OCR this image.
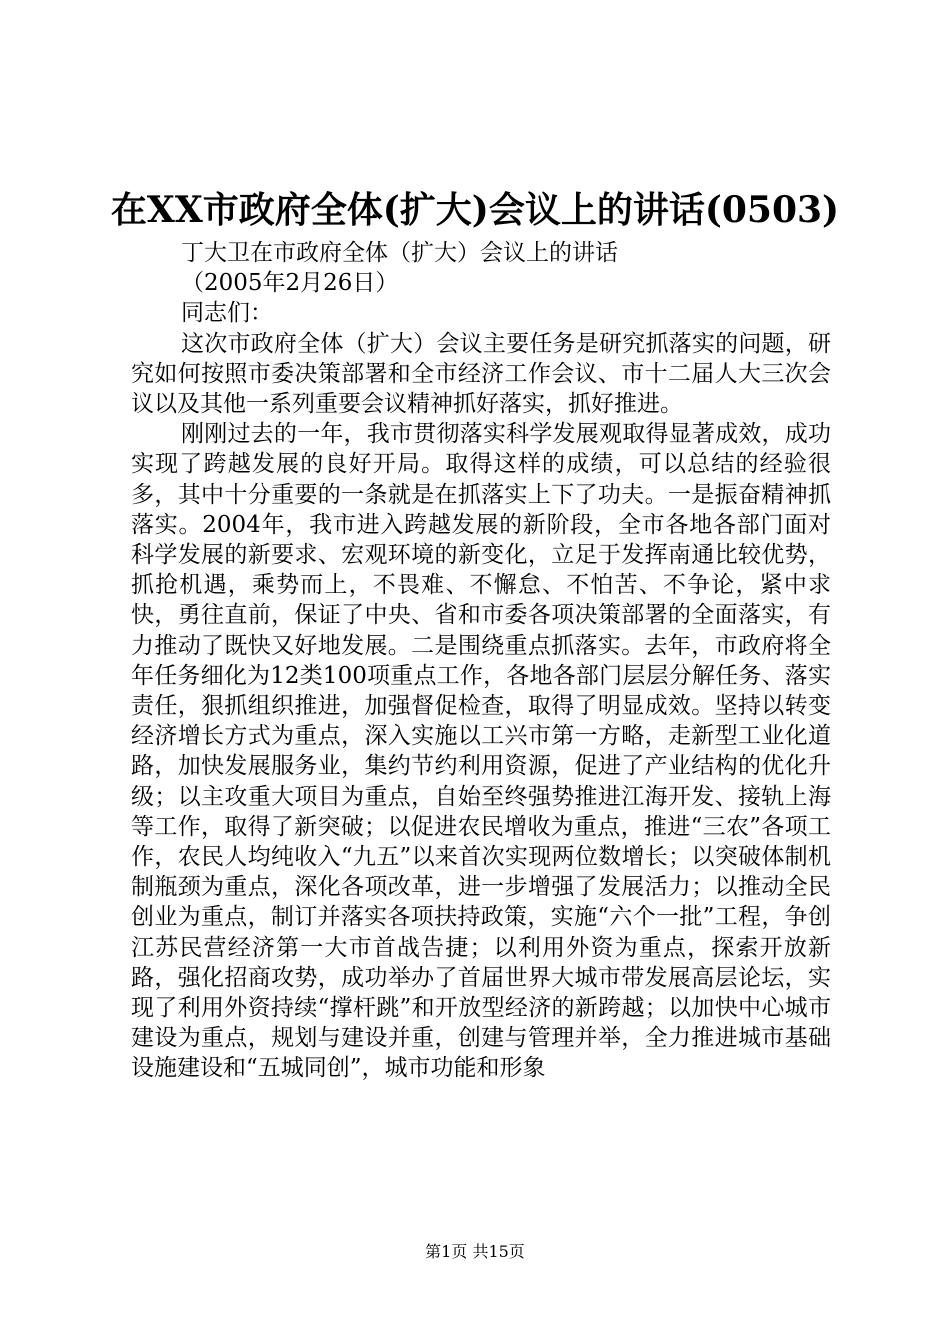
在XX市政府全体(扩大)会议上的讲话(0503)
丁大卫在市政府全体（扩大）会议上的讲话
（2005年2月26日）
同志们：
这次市政府全体（扩大）会议主要任务是研究抓落实的问题，研究如何按照市委决策部署和全市经济工作会议、市十二届人大三次会议以及其他一系列重要会议精神抓好落实，抓好推进。
刚刚过去的一年，我市贯彻落实科学发展观取得显著成效，成功实现了跨越发展的良好开局。取得这样的成绩，可以总结的经验很多，其中十分重要的一条就是在抓落实上下了功夫。一是振奋精神抓落实。2004年，我市进入跨越发展的新阶段，全市各地各部门面对科学发展的新要求、宏观环境的新变化，立足于发挥南通比较优势，抓抢机遇，乘势而上，不畏难、不懈怠、不怕苦、不争论，紧中求快，勇往直前，保证了中央、省和市委各项决策部署的全面落实，有力推动了既快又好地发展。二是围绕重点抓落实。去年，市政府将全年任务细化为12类100项重点工作，各地各部门层层分解任务、落实责任，狠抓组织推进，加强督促检查，取得了明显成效。坚持以转变经济增长方式为重点，深入实施以工兴市第一方略，走新型工业化道路，加快发展服务业，集约节约利用资源，促进了产业结构的优化升级；以主攻重大项目为重点，自始至终强势推进江海开发、接轨上海等工作，取得了新突破；以促进农民增收为重点，推进“三农”各项工作，农民人均纯收入“九五”以来首次实现两位数增长；以突破体制机制瓶颈为重点，深化各项改革，进一步增强了发展活力；以推动全民创业为重点，制订并落实各项扶持政策，实施“六个一批”工程，争创江苏民营经济第一大市首战告捷；以利用外资为重点，探索开放新路，强化招商攻势，成功举办了首届世界大城市带发展高层论坛，实现了利用外资持续“撑杆跳”和开放型经济的新跨越；以加快中心城市建设为重点，规划与建设并重，创建与管理并举，全力推进城市基础设施建设和“五城同创”，城市功能和形象
第1页 共15页
